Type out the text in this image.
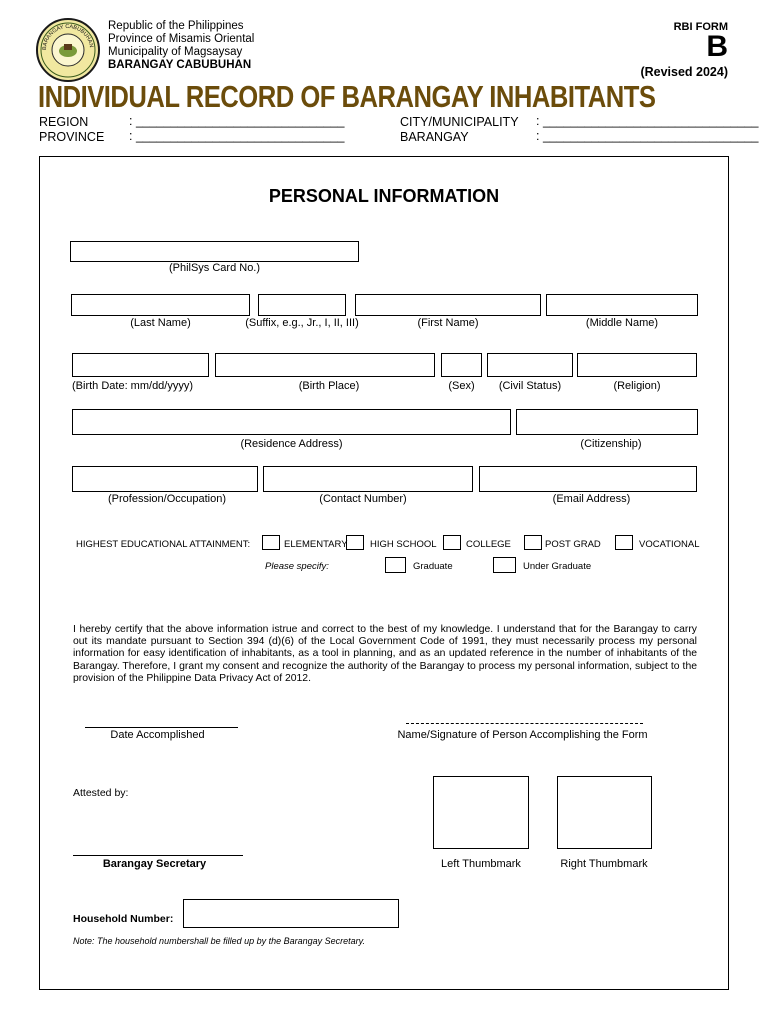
BARANGAY CABUBUHAN
Republic of the Philippines
Province of Misamis Oriental
Municipality of Magsaysay
BARANGAY CABUBUHAN
RBI FORM
B
(Revised 2024)
INDIVIDUAL RECORD OF BARANGAY INHABITANTS
REGION	: ______________________________
PROVINCE : ______________________________
CITY/MUNICIPALITY : _______________________________
BARANGAY	: _______________________________
PERSONAL INFORMATION
(PhilSys Card No.)
(Last Name)	(Suffix, e.g., Jr., I, II, III)	(First Name)	(Middle Name)
(Birth Date: mm/dd/yyyy)	(Birth Place)	(Sex)	(Civil Status)	(Religion)
(Residence Address)	(Citizenship)
(Profession/Occupation)	(Contact Number)	(Email Address)
HIGHEST EDUCATIONAL ATTAINMENT:	ELEMENTARY HIGH SCHOOL	COLLEGE	POST GRAD	VOCATIONAL
Please specify:	Graduate	Under Graduate
I hereby certify that the above information istrue and correct to the best of my knowledge. I understand that for the Barangay to carry out its mandate pursuant to Section 394 (d)(6) of the Local Government Code of 1991, they must necessarily process my personal information for easy identification of inhabitants, as a tool in planning, and as an updated reference in the number of inhabitants of the Barangay. Therefore, I grant my consent and recognize the authority of the Barangay to process my personal information, subject to the provision of the Philippine Data Privacy Act of 2012.
Date Accomplished	Name/Signature of Person Accomplishing the Form
Attested by:
Barangay Secretary	Left Thumbmark	Right Thumbmark
Household Number:
Note: The household numbershall be filled up by the Barangay Secretary.
